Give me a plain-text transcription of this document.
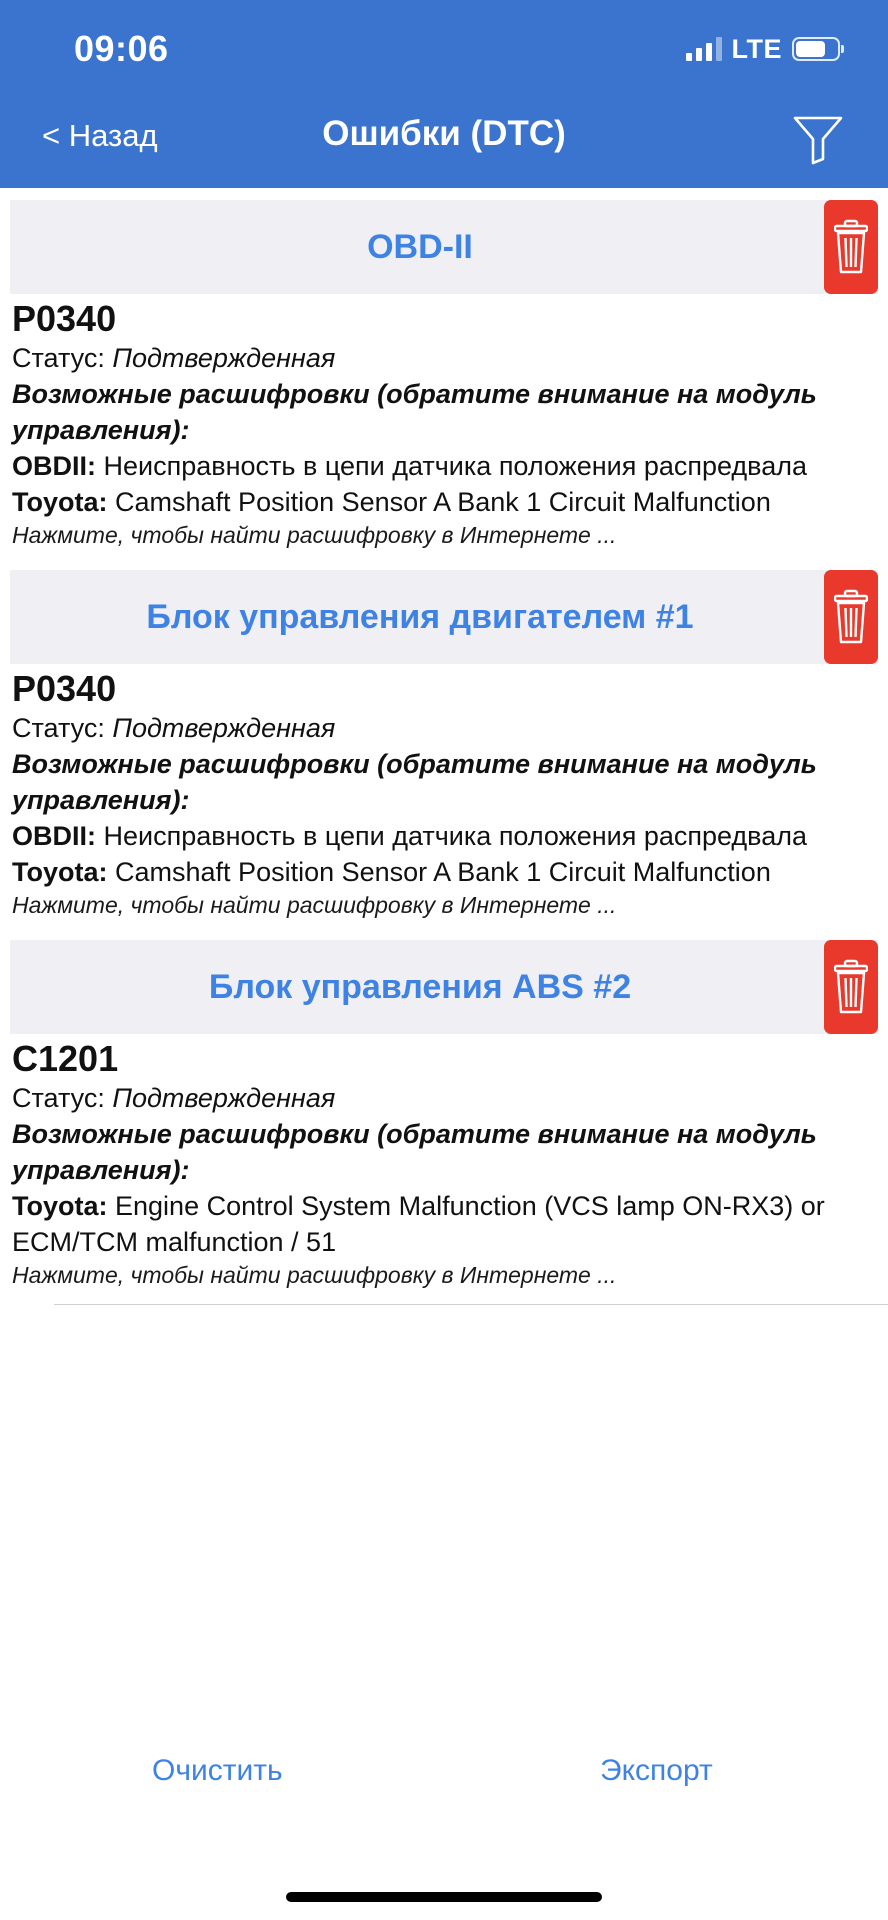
09:06	LTE
< Назад	Ошибки (DTC)
OBD-II
P0340
Статус: Подтвержденная
Возможные расшифровки (обратите внимание на модуль управления):
OBDII: Неисправность в цепи датчика положения распредвала
Toyota: Camshaft Position Sensor A Bank 1 Circuit Malfunction
Нажмите, чтобы найти расшифровку в Интернете ...
Блок управления двигателем #1
P0340
Статус: Подтвержденная
Возможные расшифровки (обратите внимание на модуль управления):
OBDII: Неисправность в цепи датчика положения распредвала
Toyota: Camshaft Position Sensor A Bank 1 Circuit Malfunction
Нажмите, чтобы найти расшифровку в Интернете ...
Блок управления ABS #2
C1201
Статус: Подтвержденная
Возможные расшифровки (обратите внимание на модуль управления):
Toyota: Engine Control System Malfunction (VCS lamp ON-RX3) or ECM/TCM malfunction / 51
Нажмите, чтобы найти расшифровку в Интернете ...
Очистить	Экспорт
